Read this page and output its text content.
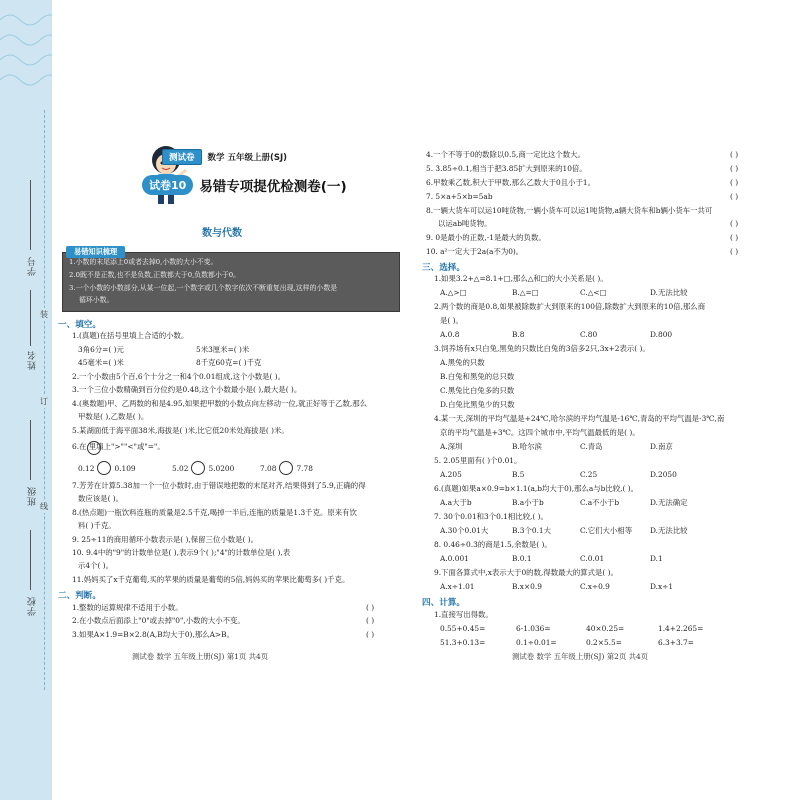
学号
姓名
班级
学校
装
订
线
测试卷	数学 五年级上册(SJ)
试卷10 易错专项提优检测卷(一)
数与代数
1.小数的末尾添上0或者去掉0,小数的大小不变。
2.0既不是正数,也不是负数,正数都大于0,负数都小于0。
3.一个小数的小数部分,从某一位起,一个数字或几个数字依次不断重复出现,这样的小数是
循环小数。
易错知识梳理
一、填空。
1.(真题)在括号里填上合适的小数。
3角6分=( )元	5米3厘米=( )米
45毫米=( )米	8千克60克=( )千克
2.一个小数由5个百,6个十分之一和4个0.01组成,这个小数是( )。
3.一个三位小数精确到百分位约是0.48,这个小数最小是( ),最大是( )。
4.(奥数题)甲、乙两数的和是4.95,如果把甲数的小数点向左移动一位,就正好等于乙数,那么
甲数是( ),乙数是( )。
5.某湖面低于海平面38米,海拔是( )米,比它低20米处海拔是( )米。
6.在 里填上">""<"或"="。
0.12	0.109	5.02	5.0200	7.08	7.78
7.芳芳在计算5.38加一个一位小数时,由于错误地把数的末尾对齐,结果得到了5.9,正确的得
数应该是( )。
8.(热点题)一瓶饮料连瓶的质量是2.5千克,喝掉一半后,连瓶的质量是1.3千克。原来有饮
料( )千克。
9. 25÷11的商用循环小数表示是( ),保留三位小数是( )。
10. 9.4中的"9"的计数单位是( ),表示9个( );"4"的计数单位是( ),表
示4个( )。
11.妈妈买了x千克葡萄,买的苹果的质量是葡萄的5倍,妈妈买的苹果比葡萄多( )千克。
二、判断。
1.整数的运算规律不适用于小数。	( )
2.在小数点后面添上"0"或去掉"0",小数的大小不变。	( )
3.如果A×1.9=B×2.8(A,B均大于0),那么A>B。	( )
测试卷 数学 五年级上册(SJ) 第1页 共4页
4.一个不等于0的数除以0.5,商一定比这个数大。	( )
5. 3.85÷0.1,相当于把3.85扩大到原来的10倍。	( )
6.甲数乘乙数,积大于甲数,那么乙数大于0且小于1。	( )
7. 5×a+5×b=5ab	( )
8.一辆大货车可以运10吨货物,一辆小货车可以运1吨货物,a辆大货车和b辆小货车一共可
以运ab吨货物。	( )
9. 0是最小的正数,-1是最大的负数。	( )
10. a²一定大于2a(a不为0)。	( )
三、选择。
1.如果3.2+△=8.1+□,那么△和□的大小关系是( )。
A.△>□	B.△=□	C.△<□	D.无法比较
2.两个数的商是0.8,如果被除数扩大到原来的100倍,除数扩大到原来的10倍,那么商
是( )。
A.0.8	B.8	C.80	D.800
3.饲养场有x只白兔,黑兔的只数比白兔的3倍多2只,3x+2表示( )。
A.黑兔的只数
B.白兔和黑兔的总只数
C.黑兔比白兔多的只数
D.白兔比黑兔少的只数
4.某一天,深圳的平均气温是+24℃,哈尔滨的平均气温是-16℃,青岛的平均气温是-3℃,南
京的平均气温是+3℃。这四个城市中,平均气温最低的是( )。
A.深圳	B.哈尔滨	C.青岛	D.南京
5. 2.05里面有( )个0.01。
A.205	B.5	C.25	D.2050
6.(真题)如果a×0.9=b×1.1(a,b均大于0),那么a与b比较,( )。
A.a大于b	B.a小于b	C.a不小于b	D.无法确定
7. 30个0.01和3个0.1相比较,( )。
A.30个0.01大	B.3个0.1大	C.它们大小相等 D.无法比较
8. 0.46÷0.3的商是1.5,余数是( )。
A.0.001	B.0.1	C.0.01	D.1
9.下面各算式中,x表示大于0的数,得数最大的算式是( )。
A.x÷1.01	B.x×0.9	C.x÷0.9	D.x÷1
四、计算。
1.直接写出得数。
0.55+0.45=	6-1.036=	40×0.25=	1.4+2.265=
51.3+0.13=	0.1÷0.01=	0.2×5.5=	6.3+3.7=
测试卷 数学 五年级上册(SJ) 第2页 共4页
